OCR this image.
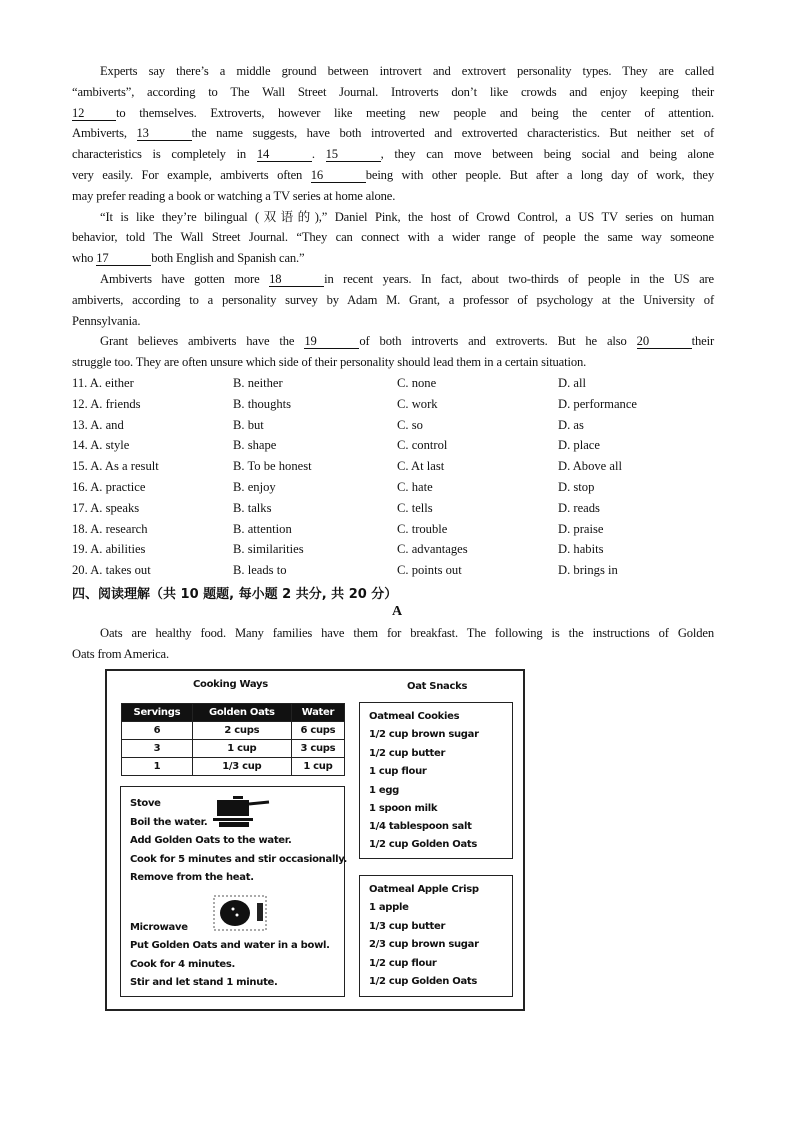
Experts say there’s a middle ground between introvert and extrovert personality types. They are called
“ambiverts”, according to The Wall Street Journal. Introverts don’t like crowds and enjoy keeping their
12	to themselves. Extroverts, however like meeting new people and being the center of attention.
Ambiverts, 13	the name suggests, have both introverted and extroverted characteristics. But neither set of
characteristics is completely in 14	. 15	, they can move between being social and being alone
very easily. For example, ambiverts often 16	being with other people. But after a long day of work, they
may prefer reading a book or watching a TV series at home alone.
“It is like they’re bilingual (双语的),” Daniel Pink, the host of Crowd Control, a US TV series on human
behavior, told The Wall Street Journal. “They can connect with a wider range of people the same way someone
who 17	both English and Spanish can.”
Ambiverts have gotten more 18	in recent years. In fact, about two-thirds of people in the US are
ambiverts, according to a personality survey by Adam M. Grant, a professor of psychology at the University of
Pennsylvania.
Grant believes ambiverts have the 19	of both introverts and extroverts. But he also 20	their
struggle too. They are often unsure which side of their personality should lead them in a certain situation.
11. A. either	B. neither	C. none	D. all
12. A. friends	B. thoughts	C. work	D. performance
13. A. and	B. but	C. so	D. as
14. A. style	B. shape	C. control	D. place
15. A. As a result	B. To be honest	C. At last	D. Above all
16. A. practice	B. enjoy	C. hate	D. stop
17. A. speaks	B. talks	C. tells	D. reads
18. A. research	B. attention	C. trouble	D. praise
19. A. abilities	B. similarities	C. advantages	D. habits
20. A. takes out	B. leads to	C. points out	D. brings in
四、阅读理解（共 10 题题, 每小题 2 共分, 共 20 分）
A
Oats are healthy food. Many families have them for breakfast. The following is the instructions of Golden
Oats from America.
Cooking Ways	Oat Snacks
Servings	Golden Oats	Water
6	2 cups	6 cups
3	1 cup	3 cups
1	1/3 cup	1 cup
Stove
Boil the water.
Add Golden Oats to the water.
Cook for 5 minutes and stir occasionally.
Remove from the heat.
Microwave
Put Golden Oats and water in a bowl.
Cook for 4 minutes.
Stir and let stand 1 minute.
Oatmeal Cookies
1/2 cup brown sugar
1/2 cup butter
1 cup flour
1 egg
1 spoon milk
1/4 tablespoon salt
1/2 cup Golden Oats
Oatmeal Apple Crisp
1 apple
1/3 cup butter
2/3 cup brown sugar
1/2 cup flour
1/2 cup Golden Oats
